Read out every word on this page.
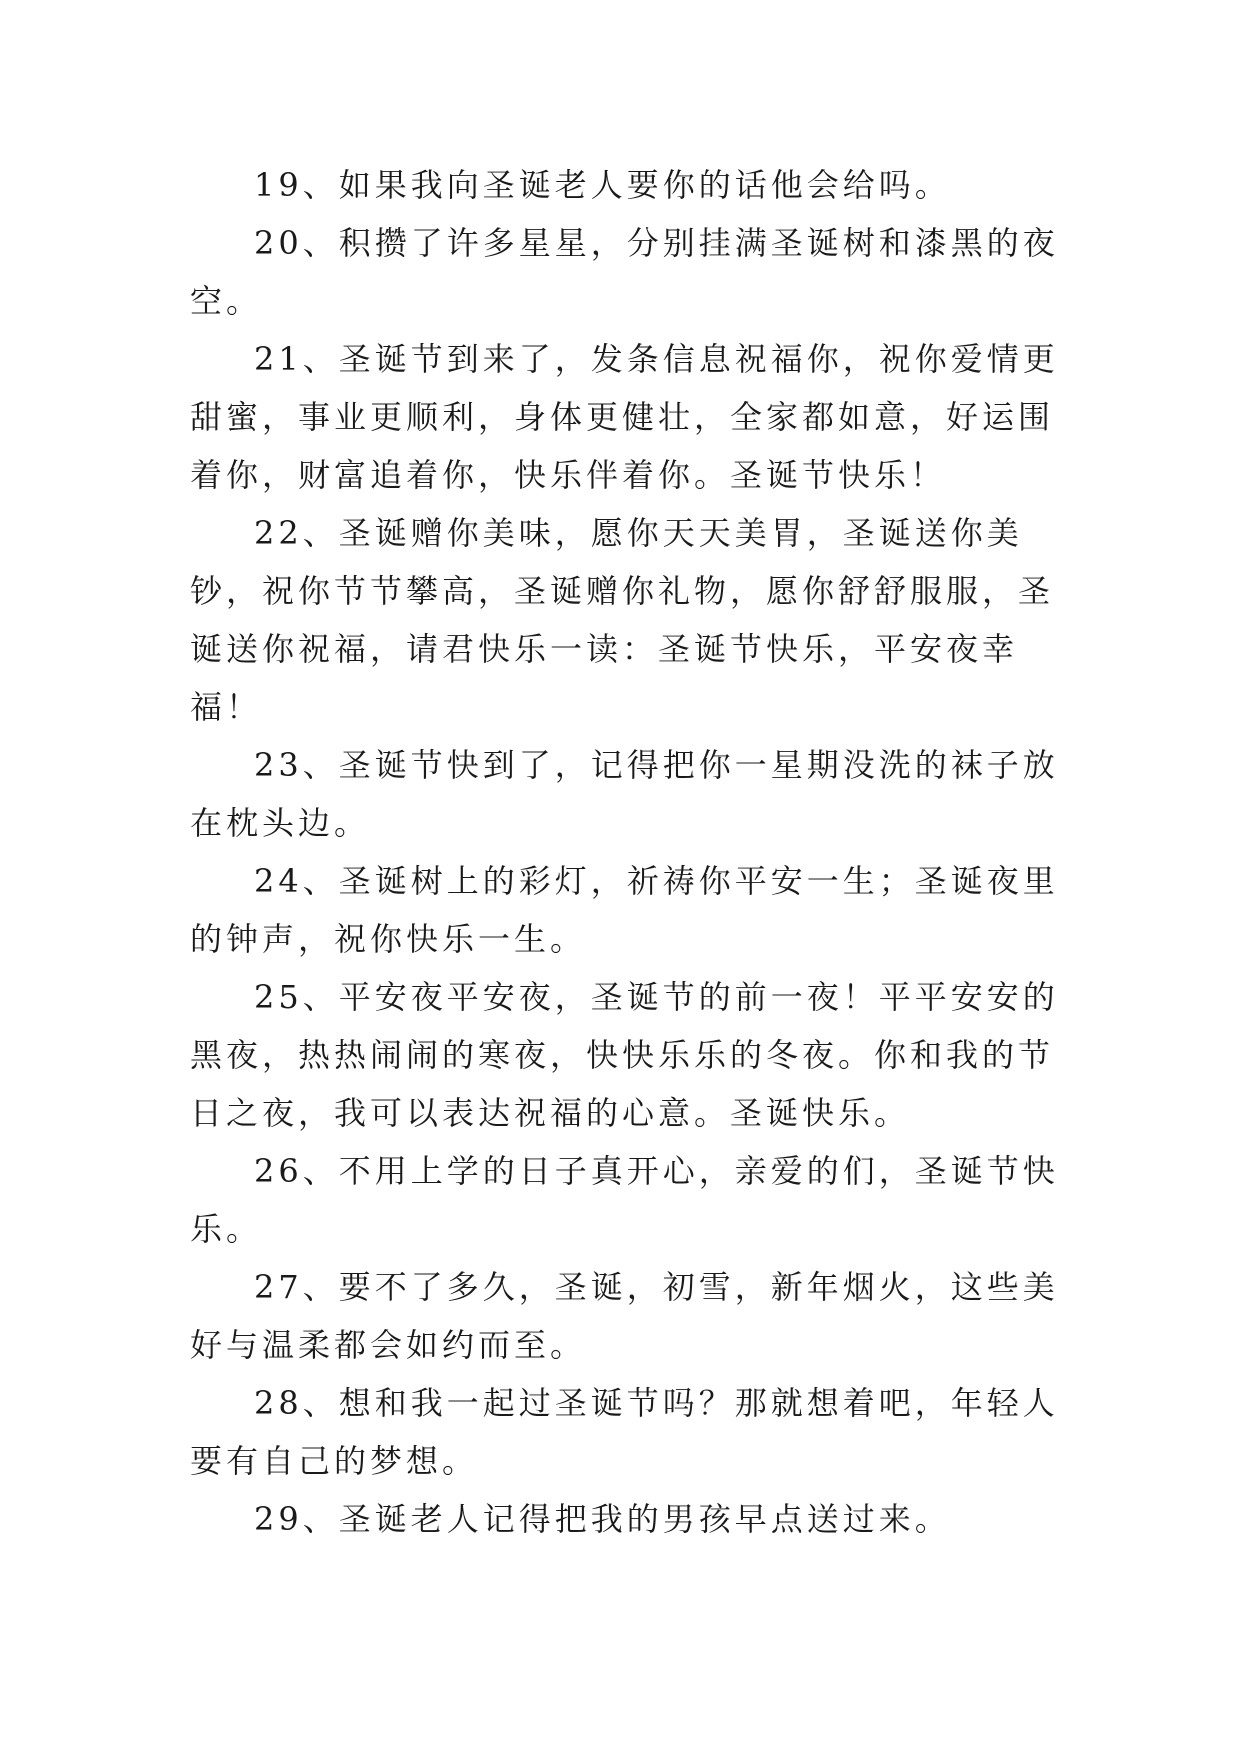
19、如果我向圣诞老人要你的话他会给吗。

20、积攒了许多星星，分别挂满圣诞树和漆黑的夜空。

21、圣诞节到来了，发条信息祝福你，祝你爱情更甜蜜，事业更顺利，身体更健壮，全家都如意，好运围着你，财富追着你，快乐伴着你。圣诞节快乐！

22、圣诞赠你美味，愿你天天美胃，圣诞送你美钞，祝你节节攀高，圣诞赠你礼物，愿你舒舒服服，圣诞送你祝福，请君快乐一读：圣诞节快乐，平安夜幸福！

23、圣诞节快到了，记得把你一星期没洗的袜子放在枕头边。

24、圣诞树上的彩灯，祈祷你平安一生；圣诞夜里的钟声，祝你快乐一生。

25、平安夜平安夜，圣诞节的前一夜！平平安安的黑夜，热热闹闹的寒夜，快快乐乐的冬夜。你和我的节日之夜，我可以表达祝福的心意。圣诞快乐。

26、不用上学的日子真开心，亲爱的们，圣诞节快乐。

27、要不了多久，圣诞，初雪，新年烟火，这些美好与温柔都会如约而至。

28、想和我一起过圣诞节吗？那就想着吧，年轻人要有自己的梦想。

29、圣诞老人记得把我的男孩早点送过来。
